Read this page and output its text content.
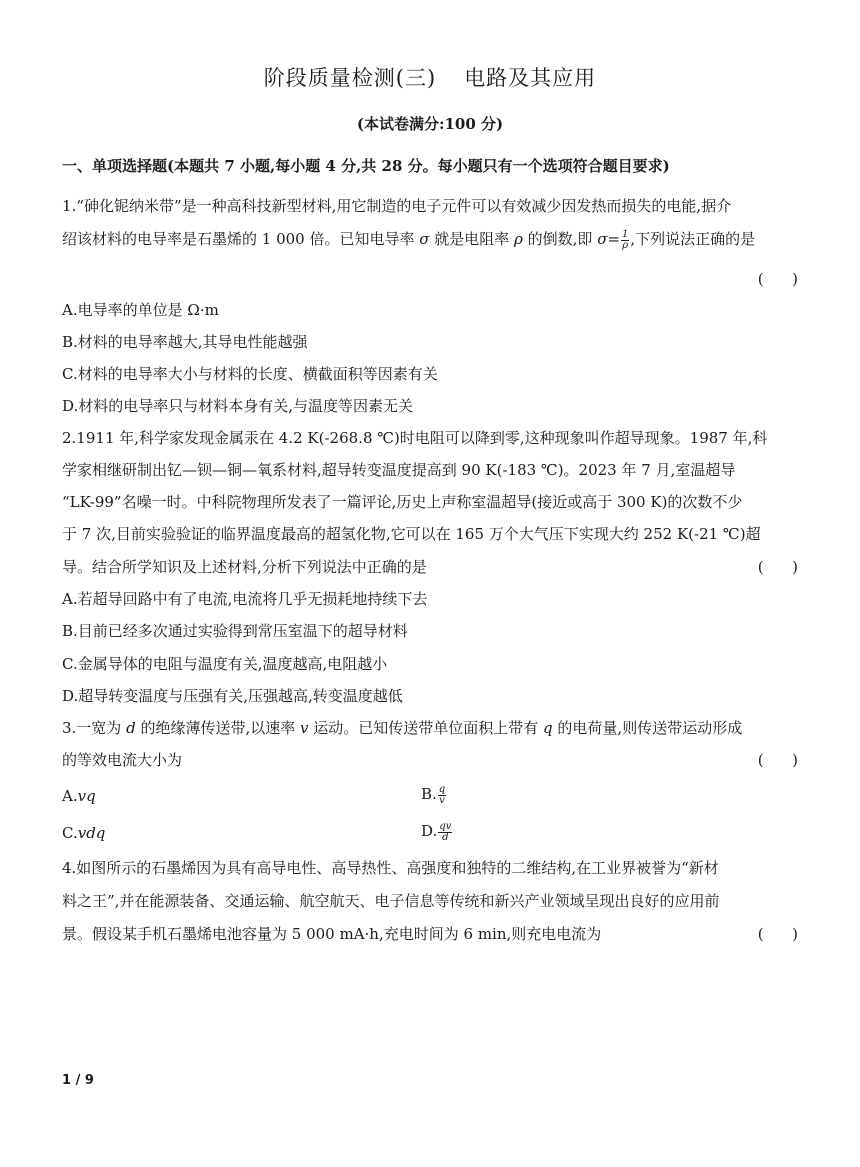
阶段质量检测(三) 电路及其应用
(本试卷满分:100 分)
一、单项选择题(本题共 7 小题,每小题 4 分,共 28 分。每小题只有一个选项符合题目要求)
1.“砷化铌纳米带”是一种高科技新型材料,用它制造的电子元件可以有效减少因发热而损失的电能,据介
绍该材料的电导率是石墨烯的 1 000 倍。已知电导率 σ 就是电阻率 ρ 的倒数,即 $\sigma= \frac{1}{\rho}$ ,下列说法正确的是
(      )
A.电导率的单位是 Ω·m
B.材料的电导率越大,其导电性能越强
C.材料的电导率大小与材料的长度、横截面积等因素有关
D.材料的电导率只与材料本身有关,与温度等因素无关
2.1911 年,科学家发现金属汞在 4.2 K(-268.8 ℃)时电阻可以降到零,这种现象叫作超导现象。1987 年,科
学家相继研制出钇—钡—铜—氧系材料,超导转变温度提高到 90 K(-183 ℃)。2023 年 7 月,室温超导
“LK-99”名噪一时。中科院物理所发表了一篇评论,历史上声称室温超导(接近或高于 300 K)的次数不少
于 7 次,目前实验验证的临界温度最高的超氢化物,它可以在 165 万个大气压下实现大约 252 K(-21 ℃)超
导。结合所学知识及上述材料,分析下列说法中正确的是	(      )
A.若超导回路中有了电流,电流将几乎无损耗地持续下去
B.目前已经多次通过实验得到常压室温下的超导材料
C.金属导体的电阻与温度有关,温度越高,电阻越小
D.超导转变温度与压强有关,压强越高,转变温度越低
3.一宽为 d 的绝缘薄传送带,以速率 v 运动。已知传送带单位面积上带有 q 的电荷量,则传送带运动形成
的等效电流大小为	(      )
A.vq	B. $\frac{q}{v}$
C.vdq	D. $\frac{qv}{d}$
4.如图所示的石墨烯因为具有高导电性、高导热性、高强度和独特的二维结构,在工业界被誉为“新材
料之王”,并在能源装备、交通运输、航空航天、电子信息等传统和新兴产业领域呈现出良好的应用前
景。假设某手机石墨烯电池容量为 5 000 mA·h,充电时间为 6 min,则充电电流为	(      )
1 / 9
